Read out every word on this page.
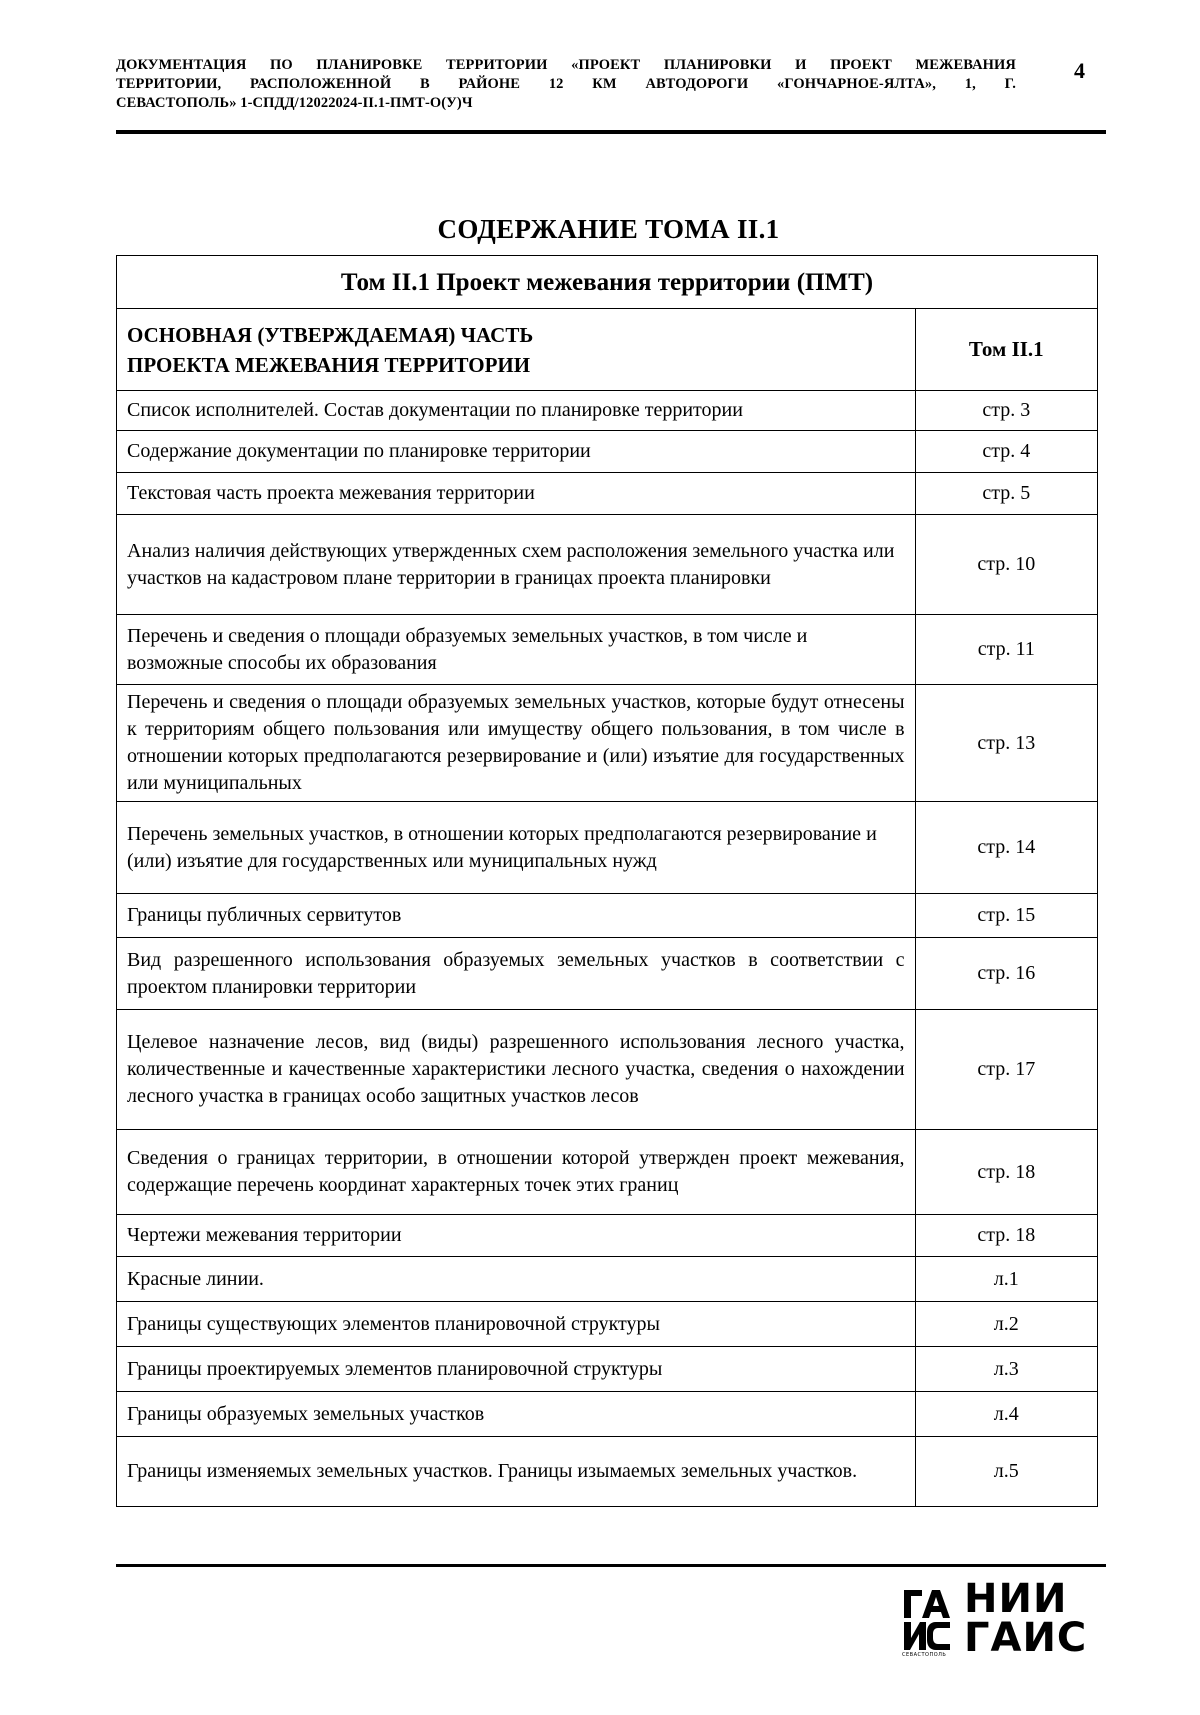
ДОКУМЕНТАЦИЯ ПО ПЛАНИРОВКЕ ТЕРРИТОРИИ «ПРОЕКТ ПЛАНИРОВКИ И ПРОЕКТ МЕЖЕВАНИЯ
ТЕРРИТОРИИ, РАСПОЛОЖЕННОЙ В РАЙОНЕ 12 КМ АВТОДОРОГИ «ГОНЧАРНОЕ-ЯЛТА», 1, Г.
СЕВАСТОПОЛЬ» 1-СПДД/12022024-II.1-ПМТ-О(У)Ч
4
СОДЕРЖАНИЕ ТОМА II.1
Том II.1 Проект межевания территории (ПМТ)	

ОСНОВНАЯ (УТВЕРЖДАЕМАЯ) ЧАСТЬ
ПРОЕКТА МЕЖЕВАНИЯ ТЕРРИТОРИИ	Том II.1
Список исполнителей. Состав документации по планировке территории	стр. 3
Содержание документации по планировке территории	стр. 4
Текстовая часть проекта межевания территории	стр. 5
Анализ наличия действующих утвержденных схем расположения земельного участка или участков на кадастровом плане территории в границах проекта планировки	стр. 10
Перечень и сведения о площади образуемых земельных участков, в том числе и возможные способы их образования	стр. 11
Перечень и сведения о площади образуемых земельных участков, которые будут отнесены к территориям общего пользования или имуществу общего пользования, в том числе в отношении которых предполагаются резервирование и (или) изъятие для государственных или муниципальных	стр. 13
Перечень земельных участков, в отношении которых предполагаются резервирование и (или) изъятие для государственных или муниципальных нужд	стр. 14
Границы публичных сервитутов	стр. 15
Вид разрешенного использования образуемых земельных участков в соответствии с проектом планировки территории	стр. 16
Целевое назначение лесов, вид (виды) разрешенного использования лесного участка, количественные и качественные характеристики лесного участка, сведения о нахождении лесного участка в границах особо защитных участков лесов	стр. 17
Сведения о границах территории, в отношении которой утвержден проект межевания, содержащие перечень координат характерных точек этих границ	стр. 18
Чертежи межевания территории	стр. 18
Красные линии.	л.1
Границы существующих элементов планировочной структуры	л.2
Границы проектируемых элементов планировочной структуры	л.3
Границы образуемых земельных участков	л.4
Границы изменяемых земельных участков. Границы изымаемых земельных участков.	л.5
НИИ
ГАИС
СЕВАСТОПОЛЬ
